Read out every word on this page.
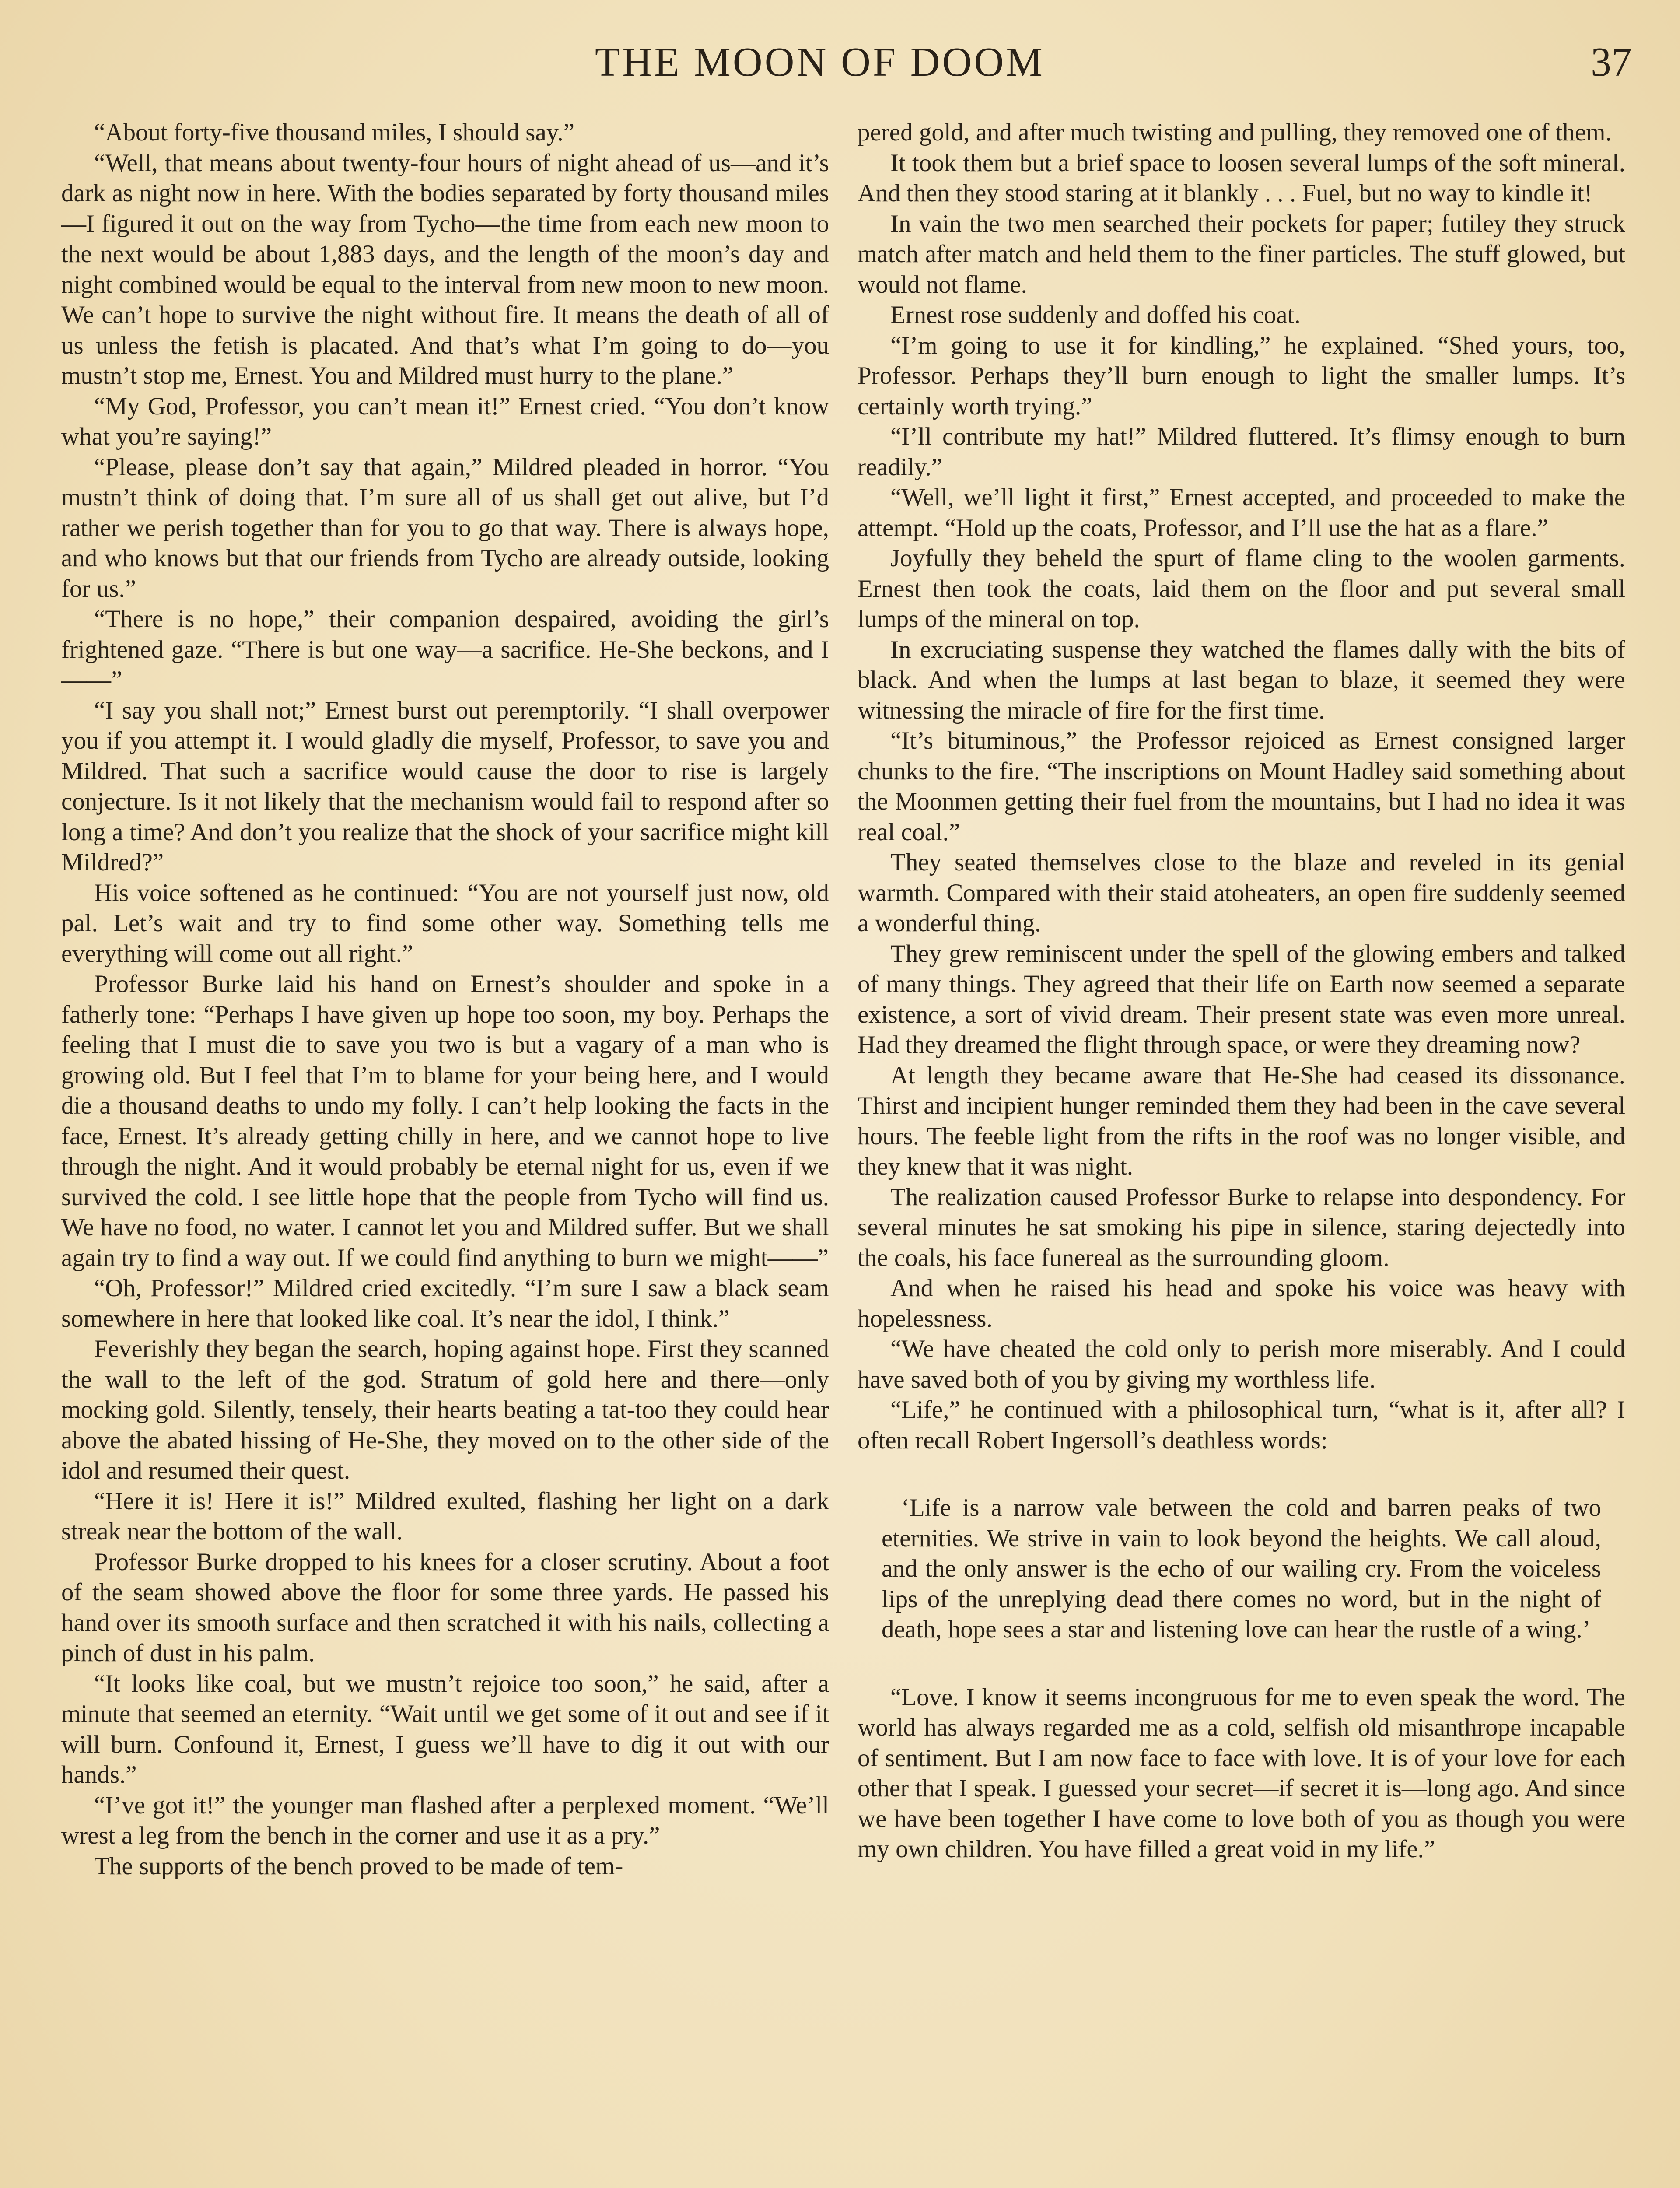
THE MOON OF DOOM	37

“About forty-five thousand miles, I should say.”

“Well, that means about twenty-four hours of night ahead of us—and it’s dark as night now in here. With the bodies separated by forty thousand miles—I figured it out on the way from Tycho—the time from each new moon to the next would be about 1,883 days, and the length of the moon’s day and night combined would be equal to the interval from new moon to new moon. We can’t hope to survive the night without fire. It means the death of all of us unless the fetish is placated. And that’s what I’m going to do—you mustn’t stop me, Ernest. You and Mildred must hurry to the plane.”

“My God, Professor, you can’t mean it!” Ernest cried. “You don’t know what you’re saying!”

“Please, please don’t say that again,” Mildred pleaded in horror. “You mustn’t think of doing that. I’m sure all of us shall get out alive, but I’d rather we perish together than for you to go that way. There is always hope, and who knows but that our friends from Tycho are already outside, looking for us.”

“There is no hope,” their companion despaired, avoiding the girl’s frightened gaze. “There is but one way—a sacrifice. He-She beckons, and I——”

“I say you shall not;” Ernest burst out peremptorily. “I shall overpower you if you attempt it. I would gladly die myself, Professor, to save you and Mildred. That such a sacrifice would cause the door to rise is largely conjecture. Is it not likely that the mechanism would fail to respond after so long a time? And don’t you realize that the shock of your sacrifice might kill Mildred?”

His voice softened as he continued: “You are not yourself just now, old pal. Let’s wait and try to find some other way. Something tells me everything will come out all right.”

Professor Burke laid his hand on Ernest’s shoulder and spoke in a fatherly tone: “Perhaps I have given up hope too soon, my boy. Perhaps the feeling that I must die to save you two is but a vagary of a man who is growing old. But I feel that I’m to blame for your being here, and I would die a thousand deaths to undo my folly. I can’t help looking the facts in the face, Ernest. It’s already getting chilly in here, and we cannot hope to live through the night. And it would probably be eternal night for us, even if we survived the cold. I see little hope that the people from Tycho will find us. We have no food, no water. I cannot let you and Mildred suffer. But we shall again try to find a way out. If we could find anything to burn we might——”

“Oh, Professor!” Mildred cried excitedly. “I’m sure I saw a black seam somewhere in here that looked like coal. It’s near the idol, I think.”

Feverishly they began the search, hoping against hope. First they scanned the wall to the left of the god. Stratum of gold here and there—only mocking gold. Silently, tensely, their hearts beating a tat-too they could hear above the abated hissing of He-She, they moved on to the other side of the idol and resumed their quest.

“Here it is! Here it is!” Mildred exulted, flashing her light on a dark streak near the bottom of the wall.

Professor Burke dropped to his knees for a closer scrutiny. About a foot of the seam showed above the floor for some three yards. He passed his hand over its smooth surface and then scratched it with his nails, collecting a pinch of dust in his palm.

“It looks like coal, but we mustn’t rejoice too soon,” he said, after a minute that seemed an eternity. “Wait until we get some of it out and see if it will burn. Confound it, Ernest, I guess we’ll have to dig it out with our hands.”

“I’ve got it!” the younger man flashed after a perplexed moment. “We’ll wrest a leg from the bench in the corner and use it as a pry.”

The supports of the bench proved to be made of tem-

pered gold, and after much twisting and pulling, they removed one of them.

It took them but a brief space to loosen several lumps of the soft mineral. And then they stood staring at it blankly . . . Fuel, but no way to kindle it!

In vain the two men searched their pockets for paper; futiley they struck match after match and held them to the finer particles. The stuff glowed, but would not flame.

Ernest rose suddenly and doffed his coat.

“I’m going to use it for kindling,” he explained. “Shed yours, too, Professor. Perhaps they’ll burn enough to light the smaller lumps. It’s certainly worth trying.”

“I’ll contribute my hat!” Mildred fluttered. It’s flimsy enough to burn readily.”

“Well, we’ll light it first,” Ernest accepted, and proceeded to make the attempt. “Hold up the coats, Professor, and I’ll use the hat as a flare.”

Joyfully they beheld the spurt of flame cling to the woolen garments. Ernest then took the coats, laid them on the floor and put several small lumps of the mineral on top.

In excruciating suspense they watched the flames dally with the bits of black. And when the lumps at last began to blaze, it seemed they were witnessing the miracle of fire for the first time.

“It’s bituminous,” the Professor rejoiced as Ernest consigned larger chunks to the fire. “The inscriptions on Mount Hadley said something about the Moonmen getting their fuel from the mountains, but I had no idea it was real coal.”

They seated themselves close to the blaze and reveled in its genial warmth. Compared with their staid atoheaters, an open fire suddenly seemed a wonderful thing.

They grew reminiscent under the spell of the glowing embers and talked of many things. They agreed that their life on Earth now seemed a separate existence, a sort of vivid dream. Their present state was even more unreal. Had they dreamed the flight through space, or were they dreaming now?

At length they became aware that He-She had ceased its dissonance. Thirst and incipient hunger reminded them they had been in the cave several hours. The feeble light from the rifts in the roof was no longer visible, and they knew that it was night.

The realization caused Professor Burke to relapse into despondency. For several minutes he sat smoking his pipe in silence, staring dejectedly into the coals, his face funereal as the surrounding gloom.

And when he raised his head and spoke his voice was heavy with hopelessness.

“We have cheated the cold only to perish more miserably. And I could have saved both of you by giving my worthless life.

“Life,” he continued with a philosophical turn, “what is it, after all? I often recall Robert Ingersoll’s deathless words:

‘Life is a narrow vale between the cold and barren peaks of two eternities. We strive in vain to look beyond the heights. We call aloud, and the only answer is the echo of our wailing cry. From the voiceless lips of the unreplying dead there comes no word, but in the night of death, hope sees a star and listening love can hear the rustle of a wing.’

“Love. I know it seems incongruous for me to even speak the word. The world has always regarded me as a cold, selfish old misanthrope incapable of sentiment. But I am now face to face with love. It is of your love for each other that I speak. I guessed your secret—if secret it is—long ago. And since we have been together I have come to love both of you as though you were my own children. You have filled a great void in my life.”
